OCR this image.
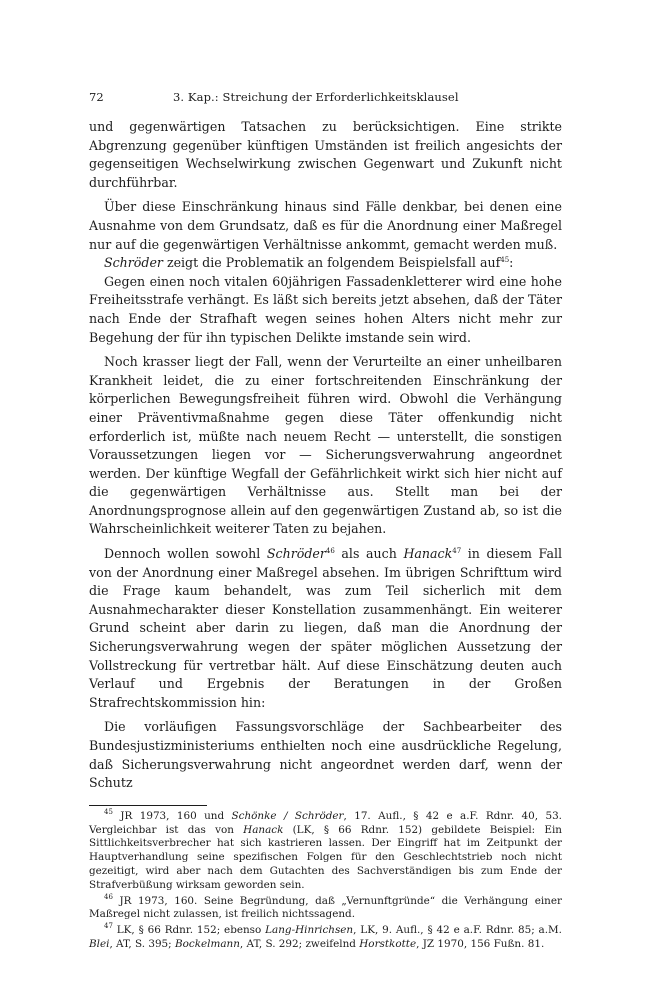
72	3. Kap.: Streichung der Erforderlichkeitsklausel

und gegenwärtigen Tatsachen zu berücksichtigen. Eine strikte Abgrenzung gegenüber künftigen Umständen ist freilich angesichts der gegenseitigen Wechselwirkung zwischen Gegenwart und Zukunft nicht durchführbar.

Über diese Einschränkung hinaus sind Fälle denkbar, bei denen eine Ausnahme von dem Grundsatz, daß es für die Anordnung einer Maßregel nur auf die gegenwärtigen Verhältnisse ankommt, gemacht werden muß.

Schröder zeigt die Problematik an folgendem Beispielsfall auf$^{45}$:

Gegen einen noch vitalen 60jährigen Fassadenkletterer wird eine hohe Freiheitsstrafe verhängt. Es läßt sich bereits jetzt absehen, daß der Täter nach Ende der Strafhaft wegen seines hohen Alters nicht mehr zur Begehung der für ihn typischen Delikte imstande sein wird.

Noch krasser liegt der Fall, wenn der Verurteilte an einer unheilbaren Krankheit leidet, die zu einer fortschreitenden Einschränkung der körperlichen Bewegungsfreiheit führen wird. Obwohl die Verhängung einer Präventivmaßnahme gegen diese Täter offenkundig nicht erforderlich ist, müßte nach neuem Recht — unterstellt, die sonstigen Voraussetzungen liegen vor — Sicherungsverwahrung angeordnet werden. Der künftige Wegfall der Gefährlichkeit wirkt sich hier nicht auf die gegenwärtigen Verhältnisse aus. Stellt man bei der Anordnungsprognose allein auf den gegenwärtigen Zustand ab, so ist die Wahrscheinlichkeit weiterer Taten zu bejahen.

Dennoch wollen sowohl Schröder$^{46}$ als auch Hanack$^{47}$ in diesem Fall von der Anordnung einer Maßregel absehen. Im übrigen Schrifttum wird die Frage kaum behandelt, was zum Teil sicherlich mit dem Ausnahmecharakter dieser Konstellation zusammenhängt. Ein weiterer Grund scheint aber darin zu liegen, daß man die Anordnung der Sicherungsverwahrung wegen der später möglichen Aussetzung der Vollstreckung für vertretbar hält. Auf diese Einschätzung deuten auch Verlauf und Ergebnis der Beratungen in der Großen Strafrechtskommission hin:

Die vorläufigen Fassungsvorschläge der Sachbearbeiter des Bundesjustizministeriums enthielten noch eine ausdrückliche Regelung, daß Sicherungsverwahrung nicht angeordnet werden darf, wenn der Schutz

$^{45}$ JR 1973, 160 und Schönke / Schröder, 17. Aufl., § 42 e a.F. Rdnr. 40, 53. Vergleichbar ist das von Hanack (LK, § 66 Rdnr. 152) gebildete Beispiel: Ein Sittlichkeitsverbrecher hat sich kastrieren lassen. Der Eingriff hat im Zeitpunkt der Hauptverhandlung seine spezifischen Folgen für den Geschlechtstrieb noch nicht gezeitigt, wird aber nach dem Gutachten des Sachverständigen bis zum Ende der Strafverbüßung wirksam geworden sein.

$^{46}$ JR 1973, 160. Seine Begründung, daß „Vernunftgründe“ die Verhängung einer Maßregel nicht zulassen, ist freilich nichtssagend.

$^{47}$ LK, § 66 Rdnr. 152; ebenso Lang-Hinrichsen, LK, 9. Aufl., § 42 e a.F. Rdnr. 85; a.M. Blei, AT, S. 395; Bockelmann, AT, S. 292; zweifelnd Horstkotte, JZ 1970, 156 Fußn. 81.
